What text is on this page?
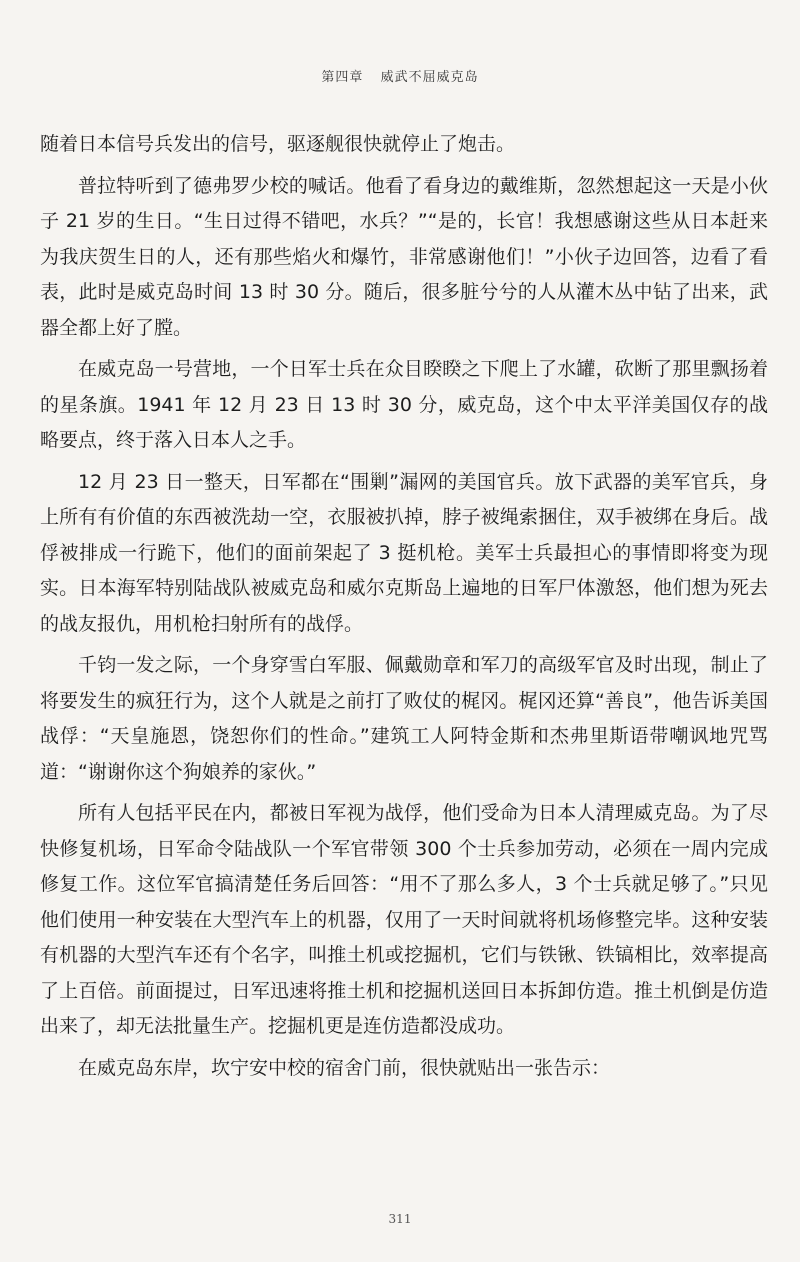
第四章 威武不屈威克岛

随着日本信号兵发出的信号，驱逐舰很快就停止了炮击。

普拉特听到了德弗罗少校的喊话。他看了看身边的戴维斯，忽然想起这一天是小伙子 21 岁的生日。“生日过得不错吧，水兵？”“是的，长官！我想感谢这些从日本赶来为我庆贺生日的人，还有那些焰火和爆竹，非常感谢他们！”小伙子边回答，边看了看表，此时是威克岛时间 13 时 30 分。随后，很多脏兮兮的人从灌木丛中钻了出来，武器全都上好了膛。

在威克岛一号营地，一个日军士兵在众目睽睽之下爬上了水罐，砍断了那里飘扬着的星条旗。1941 年 12 月 23 日 13 时 30 分，威克岛，这个中太平洋美国仅存的战略要点，终于落入日本人之手。

12 月 23 日一整天，日军都在“围剿”漏网的美国官兵。放下武器的美军官兵，身上所有有价值的东西被洗劫一空，衣服被扒掉，脖子被绳索捆住，双手被绑在身后。战俘被排成一行跪下，他们的面前架起了 3 挺机枪。美军士兵最担心的事情即将变为现实。日本海军特别陆战队被威克岛和威尔克斯岛上遍地的日军尸体激怒，他们想为死去的战友报仇，用机枪扫射所有的战俘。

千钧一发之际，一个身穿雪白军服、佩戴勋章和军刀的高级军官及时出现，制止了将要发生的疯狂行为，这个人就是之前打了败仗的梶冈。梶冈还算“善良”，他告诉美国战俘：“天皇施恩，饶恕你们的性命。”建筑工人阿特金斯和杰弗里斯语带嘲讽地咒骂道：“谢谢你这个狗娘养的家伙。”

所有人包括平民在内，都被日军视为战俘，他们受命为日本人清理威克岛。为了尽快修复机场，日军命令陆战队一个军官带领 300 个士兵参加劳动，必须在一周内完成修复工作。这位军官搞清楚任务后回答：“用不了那么多人，3 个士兵就足够了。”只见他们使用一种安装在大型汽车上的机器，仅用了一天时间就将机场修整完毕。这种安装有机器的大型汽车还有个名字，叫推土机或挖掘机，它们与铁锹、铁镐相比，效率提高了上百倍。前面提过，日军迅速将推土机和挖掘机送回日本拆卸仿造。推土机倒是仿造出来了，却无法批量生产。挖掘机更是连仿造都没成功。

在威克岛东岸，坎宁安中校的宿舍门前，很快就贴出一张告示：

311
